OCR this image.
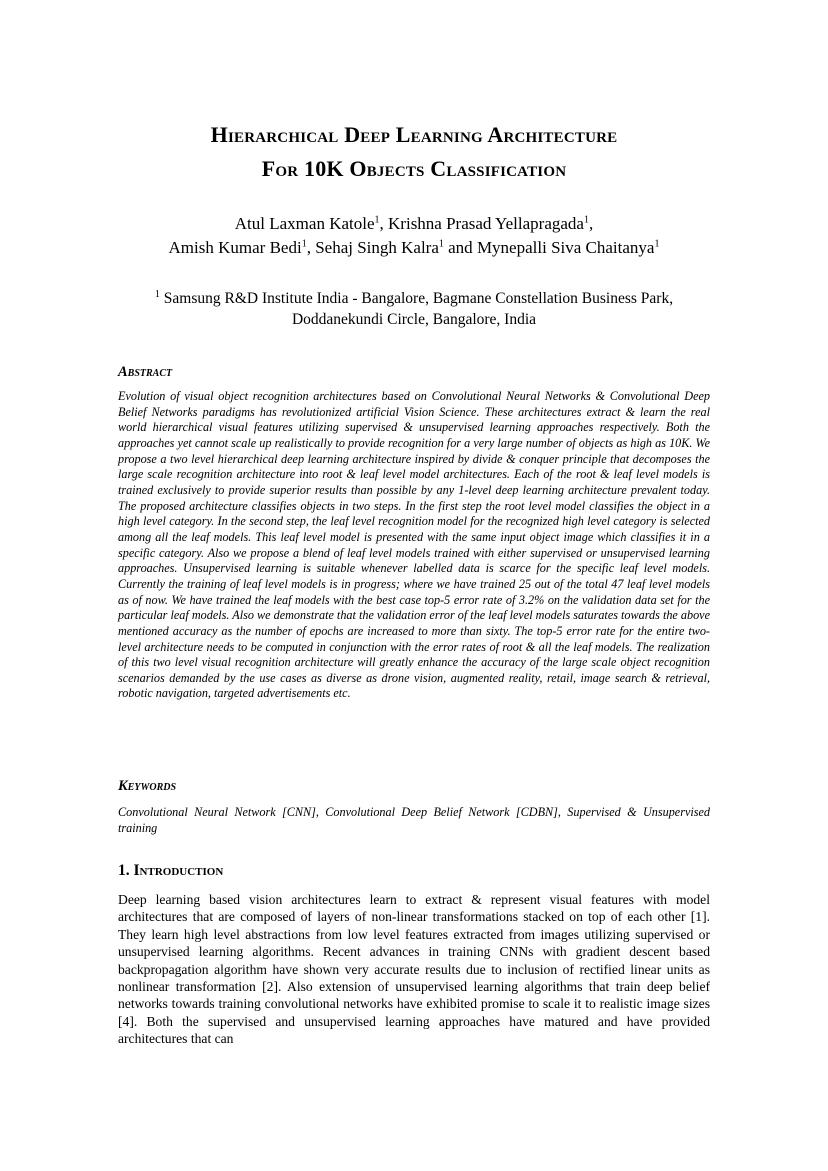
Hierarchical Deep Learning Architecture
For 10K Objects Classification
Atul Laxman Katole$^1$, Krishna Prasad Yellapragada$^1$,
Amish Kumar Bedi$^1$, Sehaj Singh Kalra$^1$ and Mynepalli Siva Chaitanya$^1$
$^1$ Samsung R&D Institute India - Bangalore, Bagmane Constellation Business Park,
Doddanekundi Circle, Bangalore, India
Abstract
Evolution of visual object recognition architectures based on Convolutional Neural Networks & Convolutional Deep Belief Networks paradigms has revolutionized artificial Vision Science. These architectures extract & learn the real world hierarchical visual features utilizing supervised & unsupervised learning approaches respectively. Both the approaches yet cannot scale up realistically to provide recognition for a very large number of objects as high as 10K. We propose a two level hierarchical deep learning architecture inspired by divide & conquer principle that decomposes the large scale recognition architecture into root & leaf level model architectures. Each of the root & leaf level models is trained exclusively to provide superior results than possible by any 1-level deep learning architecture prevalent today. The proposed architecture classifies objects in two steps. In the first step the root level model classifies the object in a high level category. In the second step, the leaf level recognition model for the recognized high level category is selected among all the leaf models. This leaf level model is presented with the same input object image which classifies it in a specific category. Also we propose a blend of leaf level models trained with either supervised or unsupervised learning approaches. Unsupervised learning is suitable whenever labelled data is scarce for the specific leaf level models. Currently the training of leaf level models is in progress; where we have trained 25 out of the total 47 leaf level models as of now. We have trained the leaf models with the best case top-5 error rate of 3.2% on the validation data set for the particular leaf models. Also we demonstrate that the validation error of the leaf level models saturates towards the above mentioned accuracy as the number of epochs are increased to more than sixty. The top-5 error rate for the entire two-level architecture needs to be computed in conjunction with the error rates of root & all the leaf models. The realization of this two level visual recognition architecture will greatly enhance the accuracy of the large scale object recognition scenarios demanded by the use cases as diverse as drone vision, augmented reality, retail, image search & retrieval, robotic navigation, targeted advertisements etc.
Keywords
Convolutional Neural Network [CNN], Convolutional Deep Belief Network [CDBN], Supervised & Unsupervised training
1. Introduction
Deep learning based vision architectures learn to extract & represent visual features with model architectures that are composed of layers of non-linear transformations stacked on top of each other [1]. They learn high level abstractions from low level features extracted from images utilizing supervised or unsupervised learning algorithms. Recent advances in training CNNs with gradient descent based backpropagation algorithm have shown very accurate results due to inclusion of rectified linear units as nonlinear transformation [2]. Also extension of unsupervised learning algorithms that train deep belief networks towards training convolutional networks have exhibited promise to scale it to realistic image sizes [4]. Both the supervised and unsupervised learning approaches have matured and have provided architectures that can
